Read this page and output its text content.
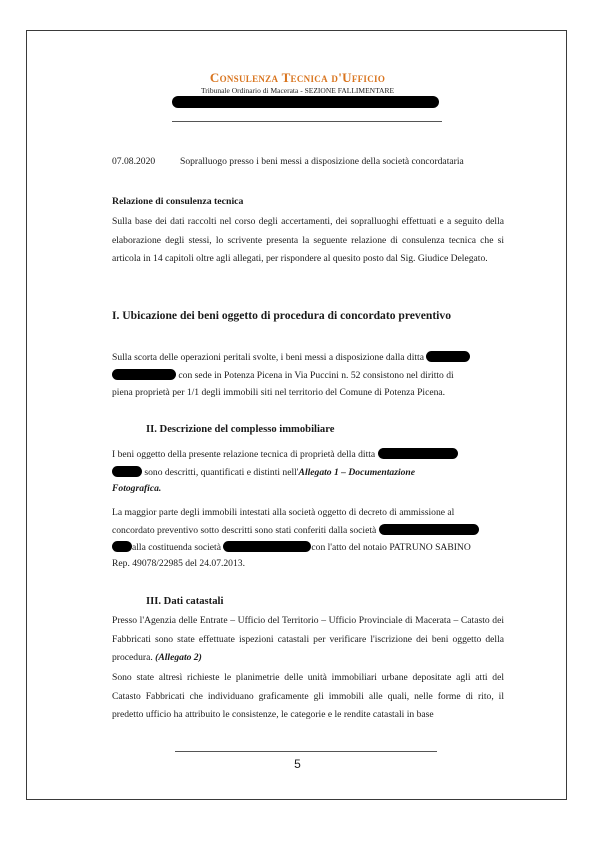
Consulenza Tecnica d'Ufficio
Tribunale Ordinario di Macerata - SEZIONE FALLIMENTARE
07.08.2020	Sopralluogo presso i beni messi a disposizione della società concordataria
Relazione di consulenza tecnica
Sulla base dei dati raccolti nel corso degli accertamenti, dei sopralluoghi effettuati e a seguito della elaborazione degli stessi, lo scrivente presenta la seguente relazione di consulenza tecnica che si articola in 14 capitoli oltre agli allegati, per rispondere al quesito posto dal Sig. Giudice Delegato.
I. Ubicazione dei beni oggetto di procedura di concordato preventivo
Sulla scorta delle operazioni peritali svolte, i beni messi a disposizione dalla ditta
con sede in Potenza Picena in Via Puccini n. 52 consistono nel diritto di
piena proprietà per 1/1 degli immobili siti nel territorio del Comune di Potenza Picena.
II. Descrizione del complesso immobiliare
I beni oggetto della presente relazione tecnica di proprietà della ditta
sono descritti, quantificati e distinti nell'Allegato 1 – Documentazione
Fotografica.
La maggior parte degli immobili intestati alla società oggetto di decreto di ammissione al
concordato preventivo sotto descritti sono stati conferiti dalla società
alla costituenda società	con l'atto del notaio PATRUNO SABINO
Rep. 49078/22985 del 24.07.2013.
III. Dati catastali
Presso l'Agenzia delle Entrate – Ufficio del Territorio – Ufficio Provinciale di Macerata – Catasto dei Fabbricati sono state effettuate ispezioni catastali per verificare l'iscrizione dei beni oggetto della procedura. (Allegato 2)
Sono state altresì richieste le planimetrie delle unità immobiliari urbane depositate agli atti del Catasto Fabbricati che individuano graficamente gli immobili alle quali, nelle forme di rito, il predetto ufficio ha attribuito le consistenze, le categorie e le rendite catastali in base
5
